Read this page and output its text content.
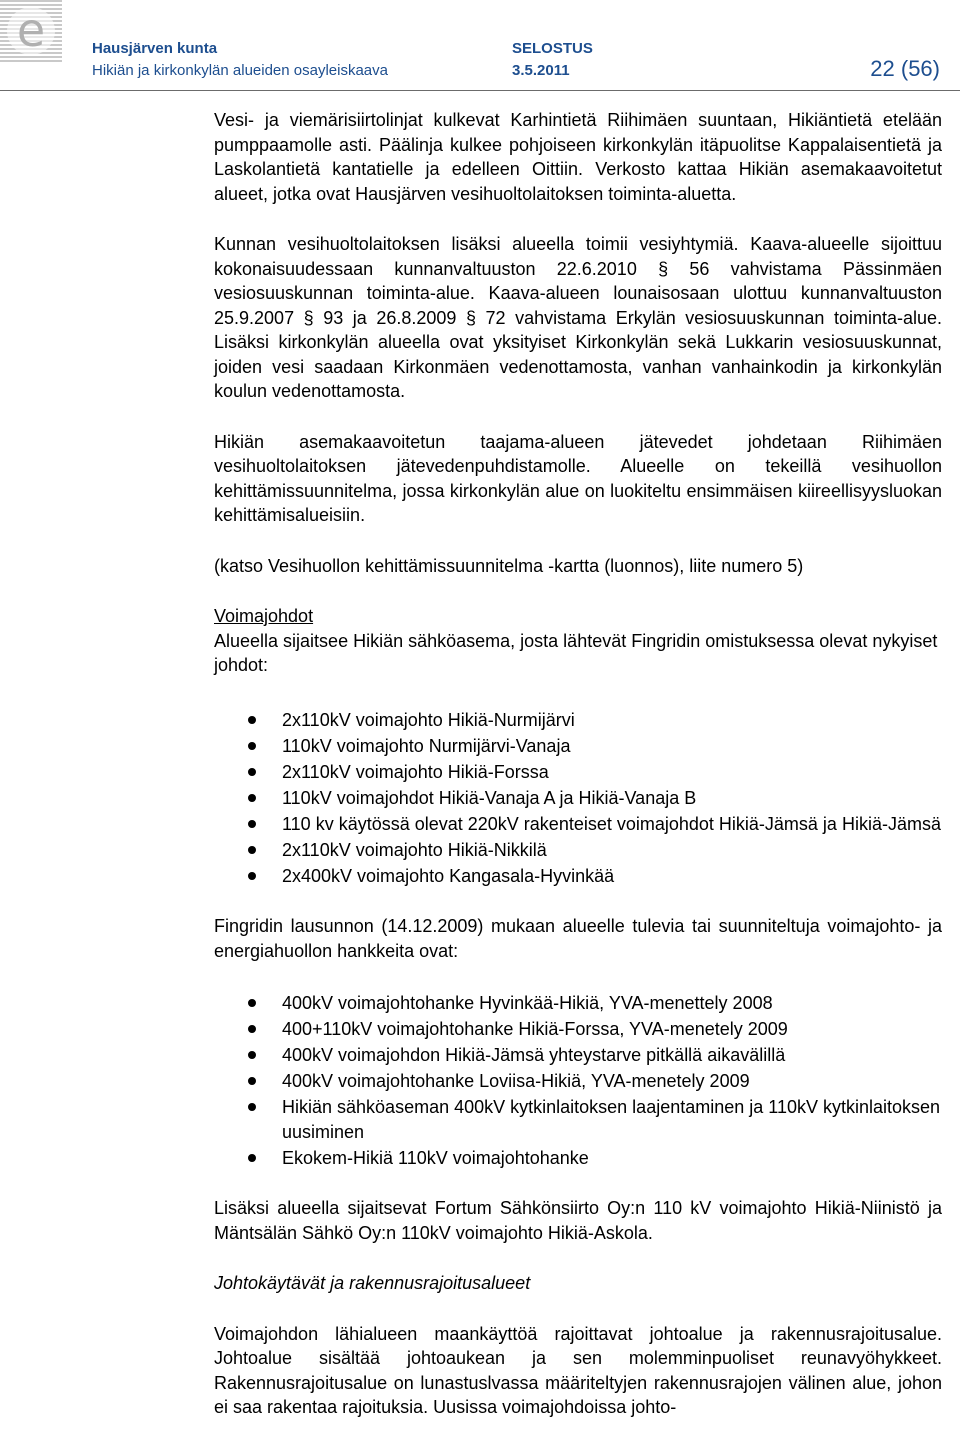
e	Hausjärven kunta
Hikiän ja kirkonkylän alueiden osayleiskaava
SELOSTUS
3.5.2011	22 (56)

Vesi- ja viemärisiirtolinjat kulkevat Karhintietä Riihimäen suuntaan, Hikiäntietä etelään pumppaamolle asti. Päälinja kulkee pohjoiseen kirkonkylän itäpuolitse Kappalaisentietä ja Laskolantietä kantatielle ja edelleen Oittiin. Verkosto kattaa Hikiän asemakaavoitetut alueet, jotka ovat Hausjärven vesihuoltolaitoksen toiminta-aluetta.

Kunnan vesihuoltolaitoksen lisäksi alueella toimii vesiyhtymiä. Kaava-alueelle sijoittuu kokonaisuudessaan kunnanvaltuuston 22.6.2010 § 56 vahvistama Pässinmäen vesiosuuskunnan toiminta-alue. Kaava-alueen lounaisosaan ulottuu kunnanvaltuuston 25.9.2007 § 93 ja 26.8.2009 § 72 vahvistama Erkylän vesiosuuskunnan toiminta-alue. Lisäksi kirkonkylän alueella ovat yksityiset Kirkonkylän sekä Lukkarin vesiosuuskunnat, joiden vesi saadaan Kirkonmäen vedenottamosta, vanhan vanhainkodin ja kirkonkylän koulun vedenottamosta.

Hikiän asemakaavoitetun taajama-alueen jätevedet johdetaan Riihimäen vesihuoltolaitoksen jätevedenpuhdistamolle. Alueelle on tekeillä vesihuollon kehittämissuunnitelma, jossa kirkonkylän alue on luokiteltu ensimmäisen kiireellisyysluokan kehittämisalueisiin.

(katso Vesihuollon kehittämissuunnitelma -kartta (luonnos), liite numero 5)

Voimajohdot

Alueella sijaitsee Hikiän sähköasema, josta lähtevät Fingridin omistuksessa olevat nykyiset johdot:

2x110kV voimajohto Hikiä-Nurmijärvi
110kV voimajohto Nurmijärvi-Vanaja
2x110kV voimajohto Hikiä-Forssa
110kV voimajohdot Hikiä-Vanaja A ja Hikiä-Vanaja B
110 kv käytössä olevat 220kV rakenteiset voimajohdot Hikiä-Jämsä ja Hikiä-Jämsä
2x110kV voimajohto Hikiä-Nikkilä
2x400kV voimajohto Kangasala-Hyvinkää

Fingridin lausunnon (14.12.2009) mukaan alueelle tulevia tai suunniteltuja voimajohto- ja energiahuollon hankkeita ovat:

400kV voimajohtohanke Hyvinkää-Hikiä, YVA-menettely 2008
400+110kV voimajohtohanke Hikiä-Forssa, YVA-menetely 2009
400kV voimajohdon Hikiä-Jämsä yhteystarve pitkällä aikavälillä
400kV voimajohtohanke Loviisa-Hikiä, YVA-menetely 2009
Hikiän sähköaseman 400kV kytkinlaitoksen laajentaminen ja 110kV kytkinlaitoksen uusiminen
Ekokem-Hikiä 110kV voimajohtohanke

Lisäksi alueella sijaitsevat Fortum Sähkönsiirto Oy:n 110 kV voimajohto Hikiä-Niinistö ja Mäntsälän Sähkö Oy:n 110kV voimajohto Hikiä-Askola.

Johtokäytävät ja rakennusrajoitusalueet

Voimajohdon lähialueen maankäyttöä rajoittavat johtoalue ja rakennusrajoitusalue. Johtoalue sisältää johtoaukean ja sen molemminpuoliset reunavyöhykkeet. Rakennusrajoitusalue on lunastuslvassa määriteltyjen rakennusrajojen välinen alue, johon ei saa rakentaa rajoituksia. Uusissa voimajohdoissa johto-
